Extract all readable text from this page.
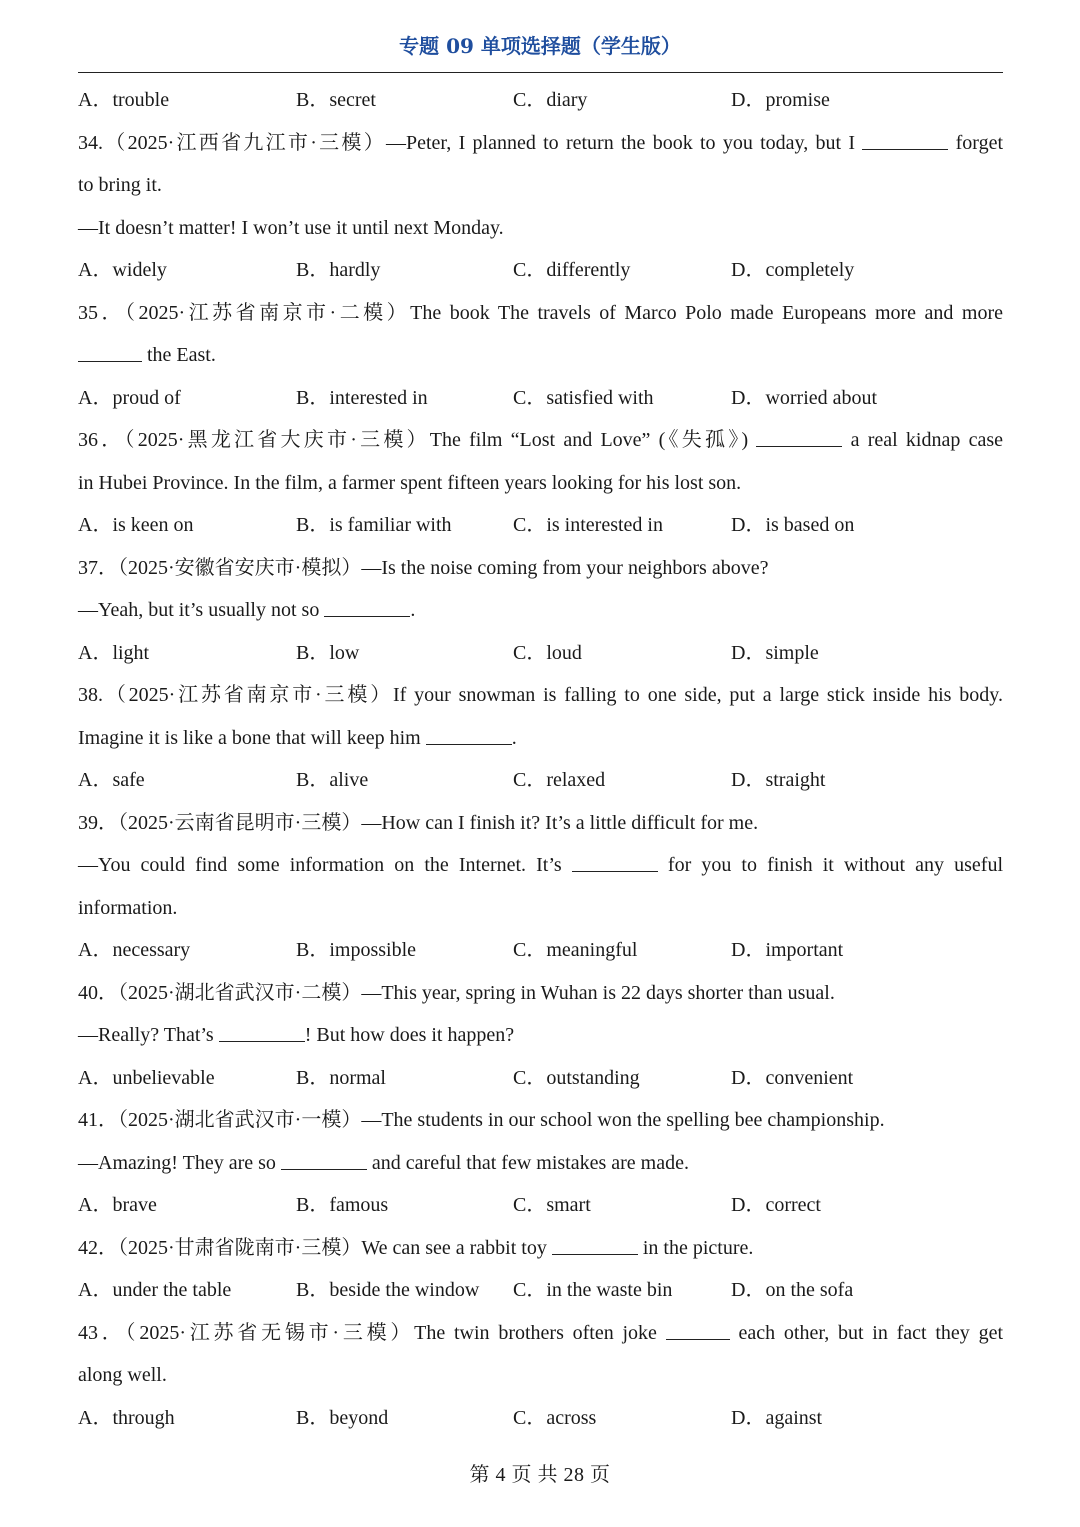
专题 09 单项选择题（学生版）
A．trouble	B．secret	C．diary	D．promise
34.（2025·江西省九江市·三模）—Peter, I planned to return the book to you today, but I	forget
to bring it.
—It doesn’t matter! I won’t use it until next Monday.
A．widely	B．hardly	C．differently	D．completely
35．（2025·江苏省南京市·二模）The book The travels of Marco Polo made Europeans more and more
the East.
A．proud of	B．interested in	C．satisfied with	D．worried about
36．（2025·黑龙江省大庆市·三模）The film “Lost and Love” (《失孤》)	a real kidnap case
in Hubei Province. In the film, a farmer spent fifteen years looking for his lost son.
A．is keen on	B．is familiar with	C．is interested in	D．is based on
37．（2025·安徽省安庆市·模拟）—Is the noise coming from your neighbors above?
—Yeah, but it’s usually not so	.
A．light	B．low	C．loud	D．simple
38.（2025·江苏省南京市·三模）If your snowman is falling to one side, put a large stick inside his body.
Imagine it is like a bone that will keep him	.
A．safe	B．alive	C．relaxed	D．straight
39．（2025·云南省昆明市·三模）—How can I finish it? It’s a little difficult for me.
—You could find some information on the Internet. It’s	for you to finish it without any useful
information.
A．necessary	B．impossible	C．meaningful	D．important
40．（2025·湖北省武汉市·二模）—This year, spring in Wuhan is 22 days shorter than usual.
—Really? That’s	! But how does it happen?
A．unbelievable	B．normal	C．outstanding	D．convenient
41．（2025·湖北省武汉市·一模）—The students in our school won the spelling bee championship.
—Amazing! They are so	and careful that few mistakes are made.
A．brave	B．famous	C．smart	D．correct
42．（2025·甘肃省陇南市·三模）We can see a rabbit toy	in the picture.
A．under the table	B．beside the window C．in the waste bin	D．on the sofa
43．（2025·江苏省无锡市·三模）The twin brothers often joke	each other, but in fact they get
along well.
A．through	B．beyond	C．across	D．against
第 4 页 共 28 页
